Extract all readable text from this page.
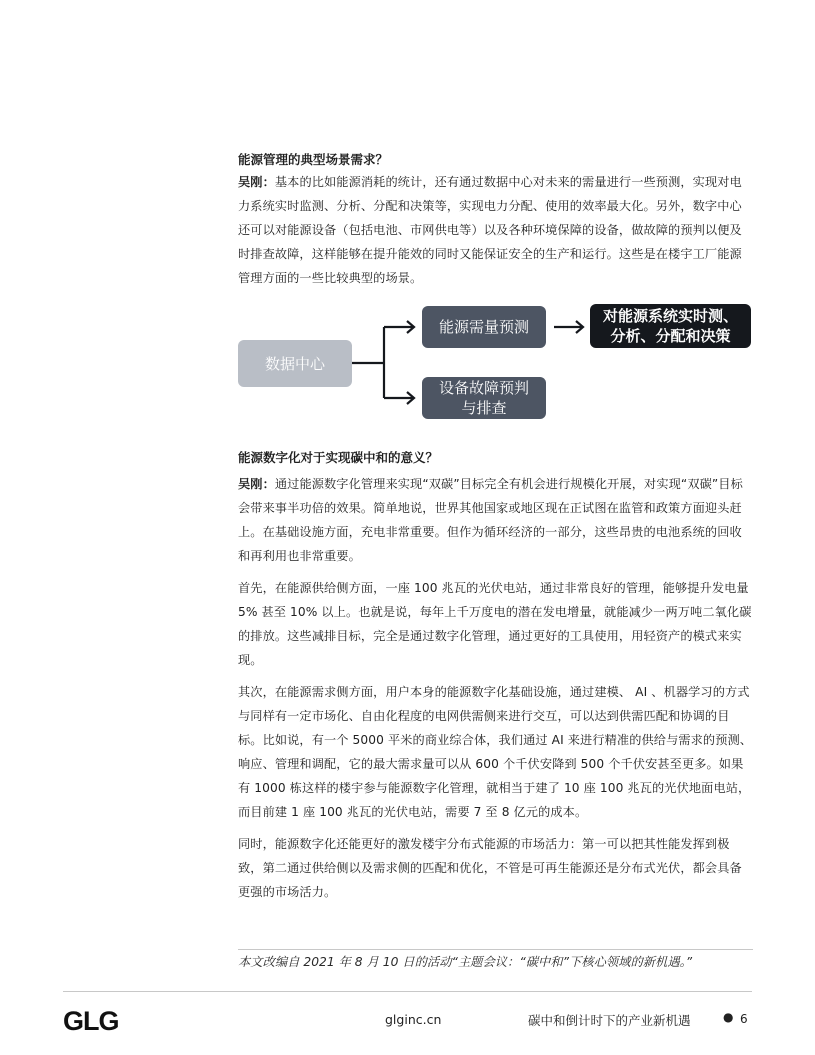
能源管理的典型场景需求？

吴刚：基本的比如能源消耗的统计，还有通过数据中心对未来的需量进行一些预测，实现对电力系统实时监测、分析、分配和决策等，实现电力分配、使用的效率最大化。另外，数字中心还可以对能源设备（包括电池、市网供电等）以及各种环境保障的设备，做故障的预判以便及时排查故障，这样能够在提升能效的同时又能保证安全的生产和运行。这些是在楼宇工厂能源管理方面的一些比较典型的场景。

数据中心
能源需量预测
对能源系统实时测、
分析、分配和决策
设备故障预判
与排查
能源数字化对于实现碳中和的意义？

吴刚：通过能源数字化管理来实现“双碳”目标完全有机会进行规模化开展，对实现“双碳”目标会带来事半功倍的效果。简单地说，世界其他国家或地区现在正试图在监管和政策方面迎头赶上。在基础设施方面，充电非常重要。但作为循环经济的一部分，这些昂贵的电池系统的回收和再利用也非常重要。

首先，在能源供给侧方面，一座 100 兆瓦的光伏电站，通过非常良好的管理，能够提升发电量 5% 甚至 10% 以上。也就是说，每年上千万度电的潜在发电增量，就能减少一两万吨二氧化碳的排放。这些减排目标，完全是通过数字化管理，通过更好的工具使用，用轻资产的模式来实现。

其次，在能源需求侧方面，用户本身的能源数字化基础设施，通过建模、 AI 、机器学习的方式与同样有一定市场化、自由化程度的电网供需侧来进行交互，可以达到供需匹配和协调的目标。比如说，有一个 5000 平米的商业综合体，我们通过 AI 来进行精准的供给与需求的预测、响应、管理和调配，它的最大需求量可以从 600 个千伏安降到 500 个千伏安甚至更多。如果有 1000 栋这样的楼宇参与能源数字化管理，就相当于建了 10 座 100 兆瓦的光伏地面电站，而目前建 1 座 100 兆瓦的光伏电站，需要 7 至 8 亿元的成本。

同时，能源数字化还能更好的激发楼宇分布式能源的市场活力：第一可以把其性能发挥到极致，第二通过供给侧以及需求侧的匹配和优化，不管是可再生能源还是分布式光伏，都会具备更强的市场活力。

本文改编自 2021 年 8 月 10 日的活动“主题会议：“碳中和”下核心领域的新机遇。”

GLG	glginc.cn	碳中和倒计时下的产业新机遇	● 6
